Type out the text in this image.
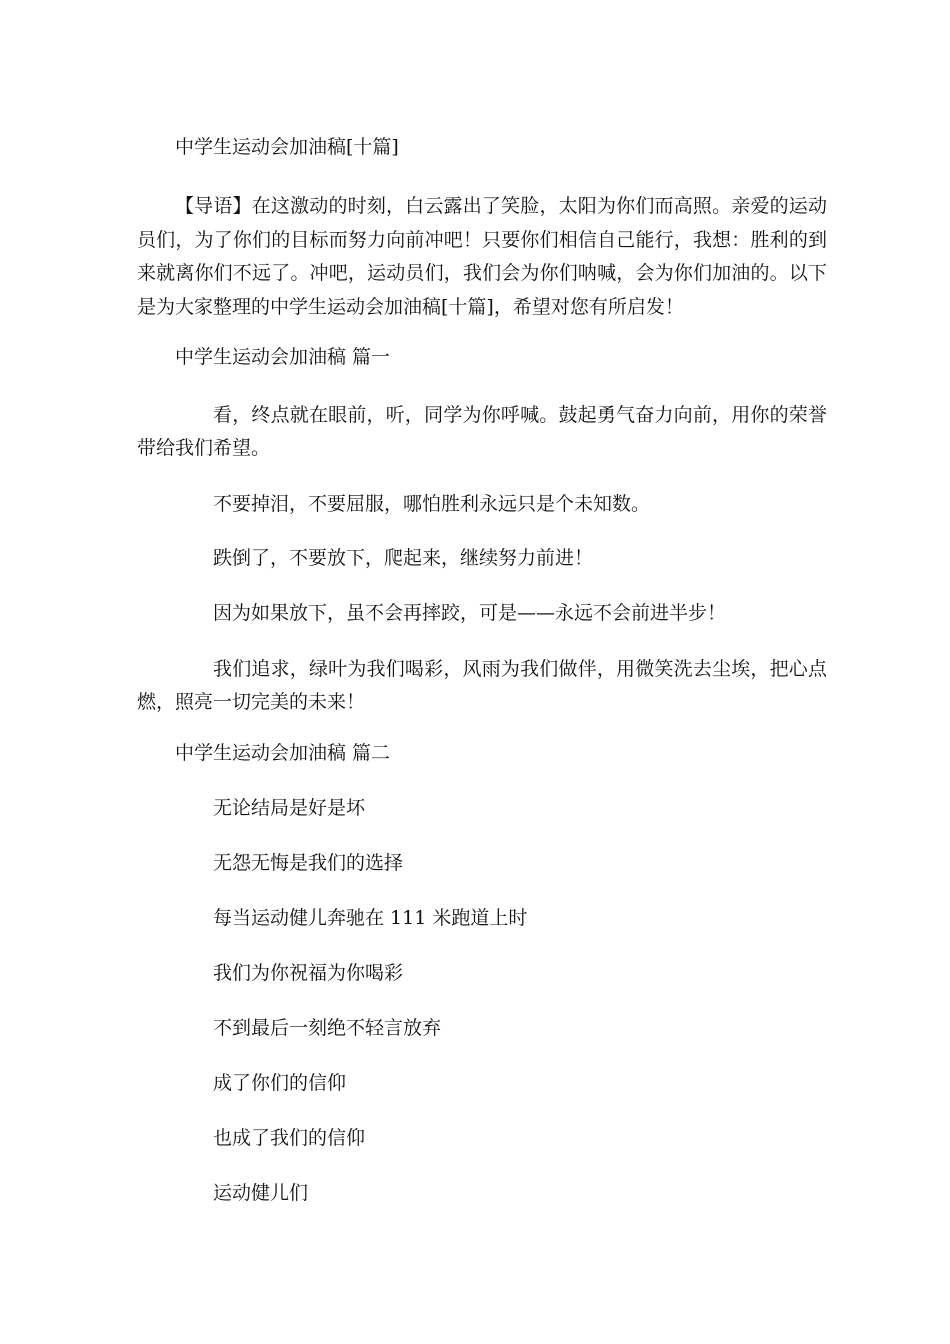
中学生运动会加油稿[十篇]

【导语】在这激动的时刻，白云露出了笑脸，太阳为你们而高照。亲爱的运动员们，为了你们的目标而努力向前冲吧！只要你们相信自己能行，我想：胜利的到来就离你们不远了。冲吧，运动员们，我们会为你们呐喊，会为你们加油的。以下是为大家整理的中学生运动会加油稿[十篇]，希望对您有所启发！

中学生运动会加油稿 篇一

看，终点就在眼前，听，同学为你呼喊。鼓起勇气奋力向前，用你的荣誉带给我们希望。

不要掉泪，不要屈服，哪怕胜利永远只是个未知数。

跌倒了，不要放下，爬起来，继续努力前进！

因为如果放下，虽不会再摔跤，可是——永远不会前进半步！

我们追求，绿叶为我们喝彩，风雨为我们做伴，用微笑洗去尘埃，把心点燃，照亮一切完美的未来！

中学生运动会加油稿 篇二
无论结局是好是坏
无怨无悔是我们的选择
每当运动健儿奔驰在 111 米跑道上时
我们为你祝福为你喝彩
不到最后一刻绝不轻言放弃
成了你们的信仰
也成了我们的信仰
运动健儿们
